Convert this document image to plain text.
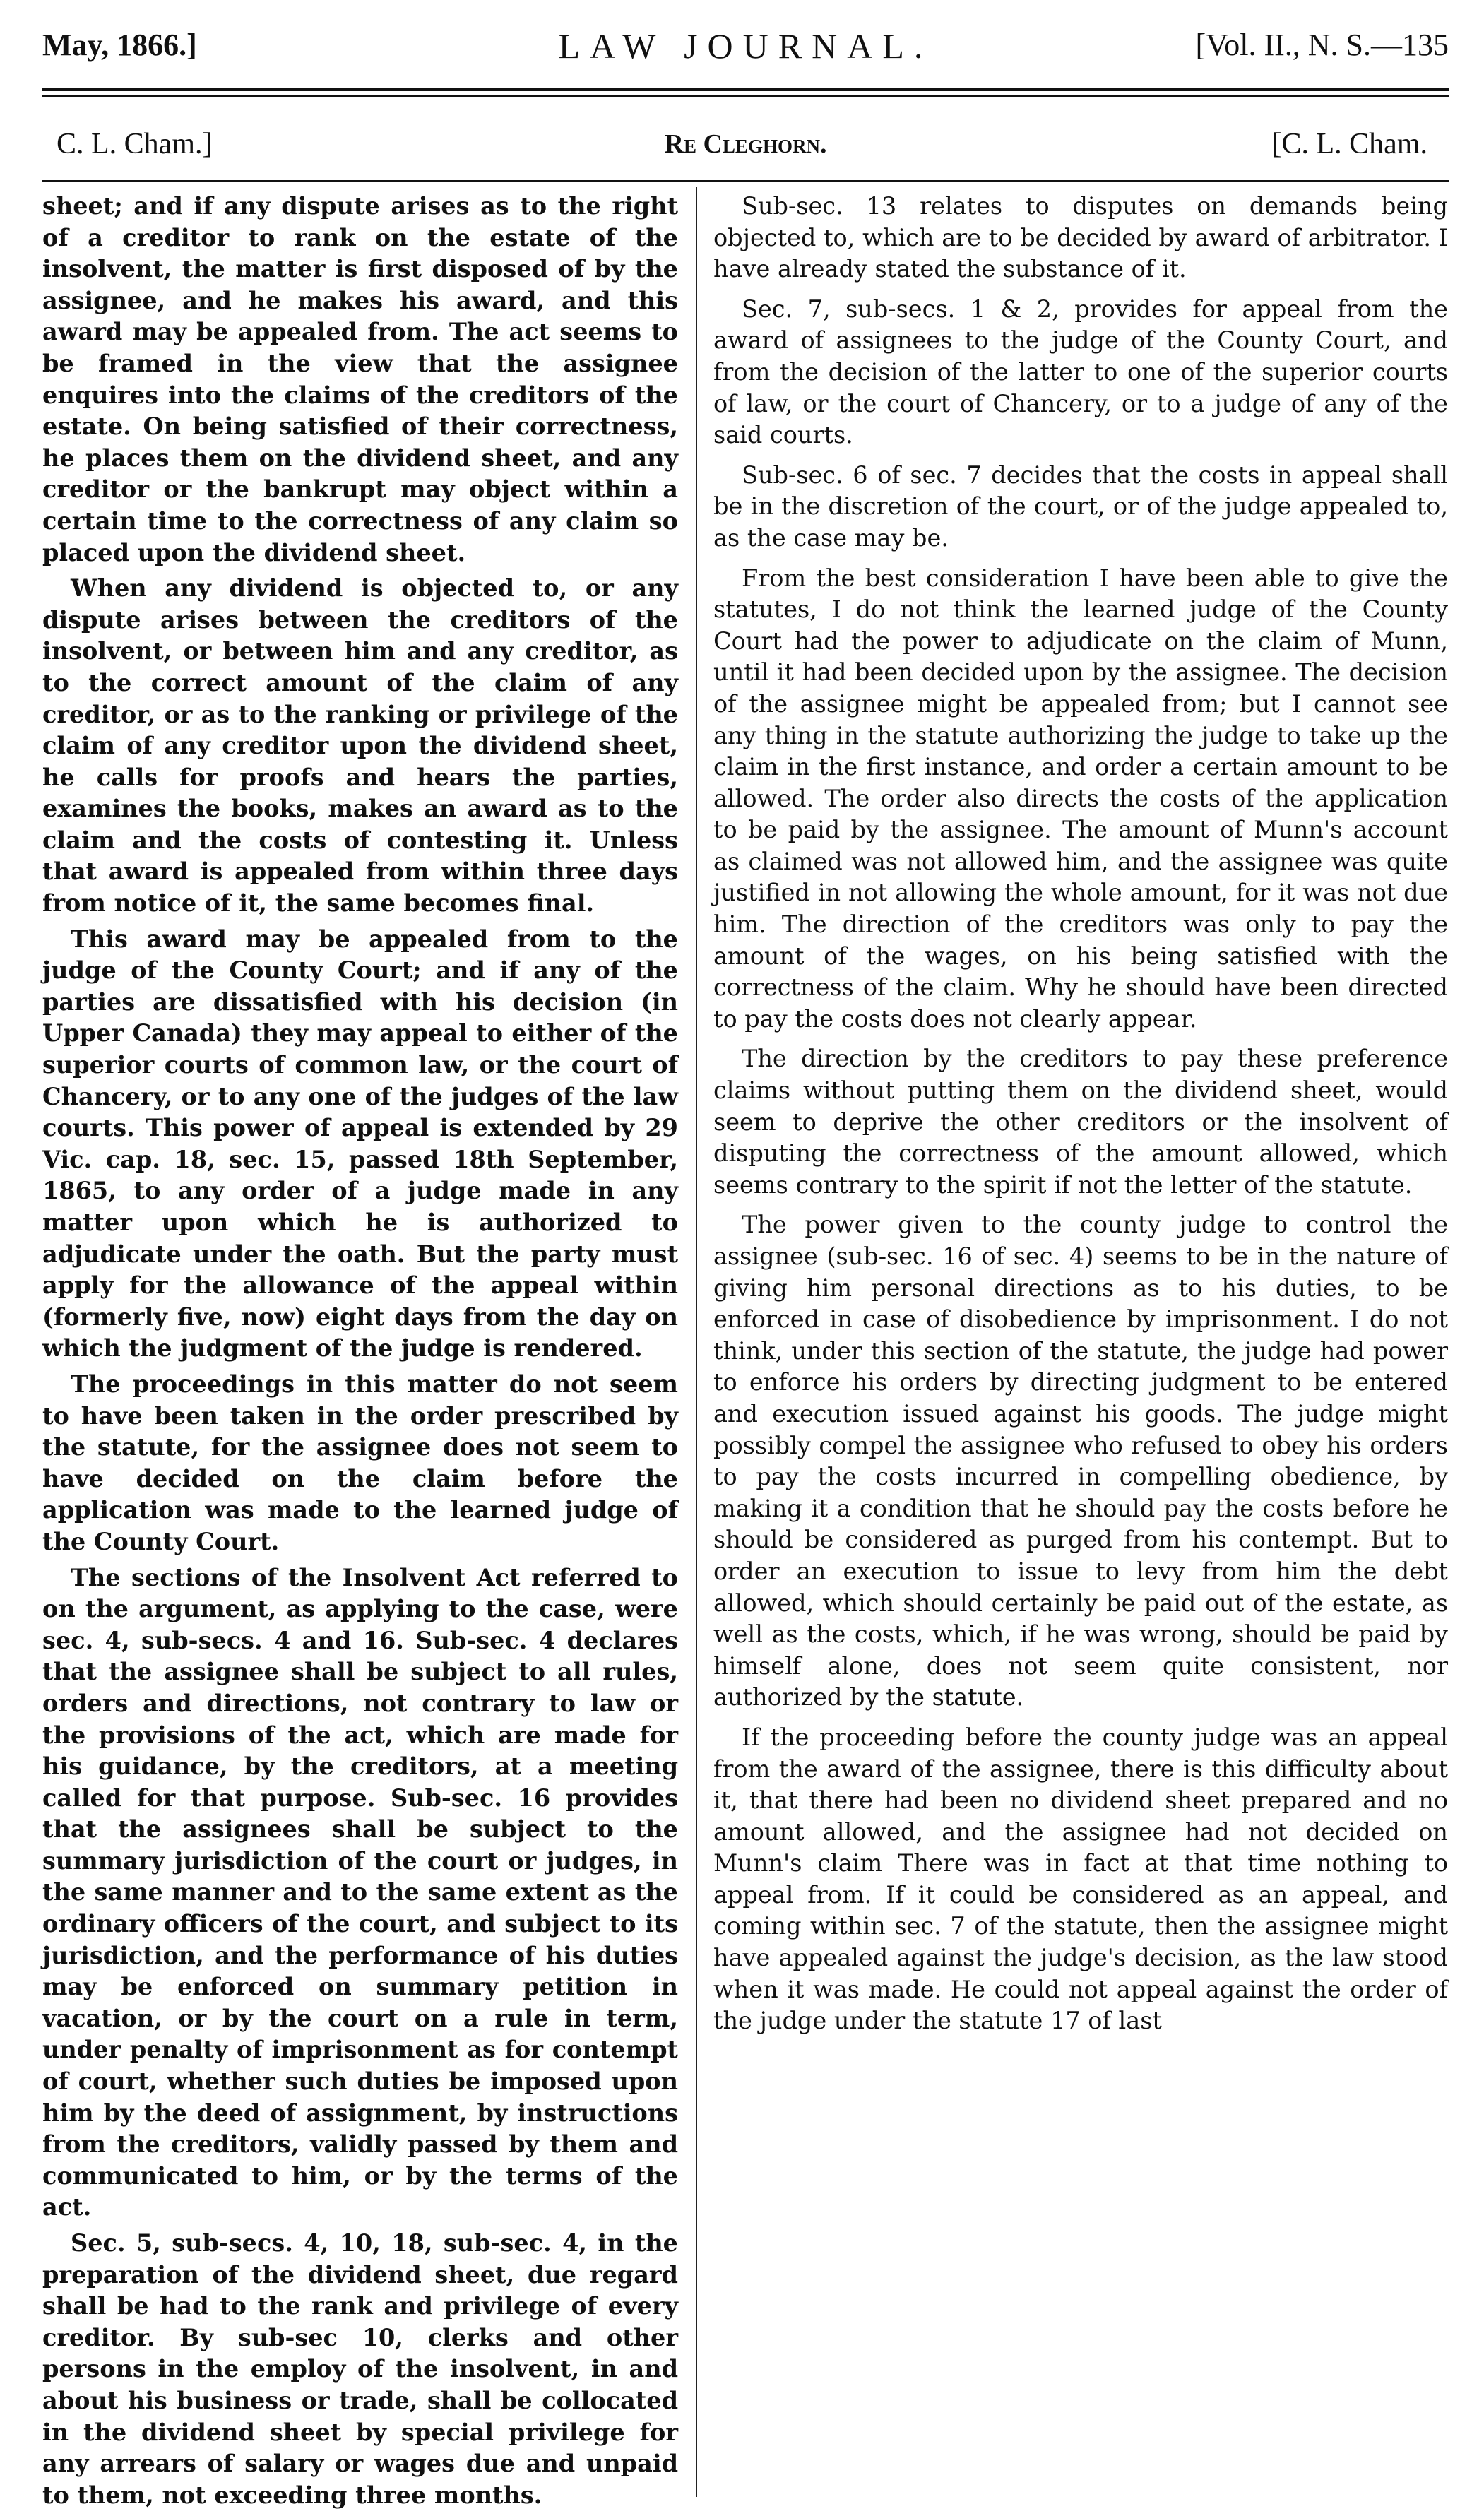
May, 1866.]	LAW JOURNAL.	[Vol. II., N. S.—135
C. L. Cham.]	Re Cleghorn.	[C. L. Cham.

sheet; and if any dispute arises as to the right of a creditor to rank on the estate of the insolvent, the matter is first disposed of by the assignee, and he makes his award, and this award may be appealed from. The act seems to be framed in the view that the assignee enquires into the claims of the creditors of the estate. On being satisfied of their correctness, he places them on the dividend sheet, and any creditor or the bankrupt may object within a certain time to the correctness of any claim so placed upon the dividend sheet.

When any dividend is objected to, or any dispute arises between the creditors of the insolvent, or between him and any creditor, as to the correct amount of the claim of any creditor, or as to the ranking or privilege of the claim of any creditor upon the dividend sheet, he calls for proofs and hears the parties, examines the books, makes an award as to the claim and the costs of contesting it. Unless that award is appealed from within three days from notice of it, the same becomes final.

This award may be appealed from to the judge of the County Court; and if any of the parties are dissatisfied with his decision (in Upper Canada) they may appeal to either of the superior courts of common law, or the court of Chancery, or to any one of the judges of the law courts. This power of appeal is extended by 29 Vic. cap. 18, sec. 15, passed 18th September, 1865, to any order of a judge made in any matter upon which he is authorized to adjudicate under the oath. But the party must apply for the allowance of the appeal within (formerly five, now) eight days from the day on which the judgment of the judge is rendered.

The proceedings in this matter do not seem to have been taken in the order prescribed by the statute, for the assignee does not seem to have decided on the claim before the application was made to the learned judge of the County Court.

The sections of the Insolvent Act referred to on the argument, as applying to the case, were sec. 4, sub-secs. 4 and 16. Sub-sec. 4 declares that the assignee shall be subject to all rules, orders and directions, not contrary to law or the provisions of the act, which are made for his guidance, by the creditors, at a meeting called for that purpose. Sub-sec. 16 provides that the assignees shall be subject to the summary jurisdiction of the court or judges, in the same manner and to the same extent as the ordinary officers of the court, and subject to its jurisdiction, and the performance of his duties may be enforced on summary petition in vacation, or by the court on a rule in term, under penalty of imprisonment as for contempt of court, whether such duties be imposed upon him by the deed of assignment, by instructions from the creditors, validly passed by them and communicated to him, or by the terms of the act.

Sec. 5, sub-secs. 4, 10, 18, sub-sec. 4, in the preparation of the dividend sheet, due regard shall be had to the rank and privilege of every creditor. By sub-sec 10, clerks and other persons in the employ of the insolvent, in and about his business or trade, shall be collocated in the dividend sheet by special privilege for any arrears of salary or wages due and unpaid to them, not exceeding three months.

Sub-sec. 13 relates to disputes on demands being objected to, which are to be decided by award of arbitrator. I have already stated the substance of it.

Sec. 7, sub-secs. 1 & 2, provides for appeal from the award of assignees to the judge of the County Court, and from the decision of the latter to one of the superior courts of law, or the court of Chancery, or to a judge of any of the said courts.

Sub-sec. 6 of sec. 7 decides that the costs in appeal shall be in the discretion of the court, or of the judge appealed to, as the case may be.

From the best consideration I have been able to give the statutes, I do not think the learned judge of the County Court had the power to adjudicate on the claim of Munn, until it had been decided upon by the assignee. The decision of the assignee might be appealed from; but I cannot see any thing in the statute authorizing the judge to take up the claim in the first instance, and order a certain amount to be allowed. The order also directs the costs of the application to be paid by the assignee. The amount of Munn's account as claimed was not allowed him, and the assignee was quite justified in not allowing the whole amount, for it was not due him. The direction of the creditors was only to pay the amount of the wages, on his being satisfied with the correctness of the claim. Why he should have been directed to pay the costs does not clearly appear.

The direction by the creditors to pay these preference claims without putting them on the dividend sheet, would seem to deprive the other creditors or the insolvent of disputing the correctness of the amount allowed, which seems contrary to the spirit if not the letter of the statute.

The power given to the county judge to control the assignee (sub-sec. 16 of sec. 4) seems to be in the nature of giving him personal directions as to his duties, to be enforced in case of disobedience by imprisonment. I do not think, under this section of the statute, the judge had power to enforce his orders by directing judgment to be entered and execution issued against his goods. The judge might possibly compel the assignee who refused to obey his orders to pay the costs incurred in compelling obedience, by making it a condition that he should pay the costs before he should be considered as purged from his contempt. But to order an execution to issue to levy from him the debt allowed, which should certainly be paid out of the estate, as well as the costs, which, if he was wrong, should be paid by himself alone, does not seem quite consistent, nor authorized by the statute.

If the proceeding before the county judge was an appeal from the award of the assignee, there is this difficulty about it, that there had been no dividend sheet prepared and no amount allowed, and the assignee had not decided on Munn's claim There was in fact at that time nothing to appeal from. If it could be considered as an appeal, and coming within sec. 7 of the statute, then the assignee might have appealed against the judge's decision, as the law stood when it was made. He could not appeal against the order of the judge under the statute 17 of last
